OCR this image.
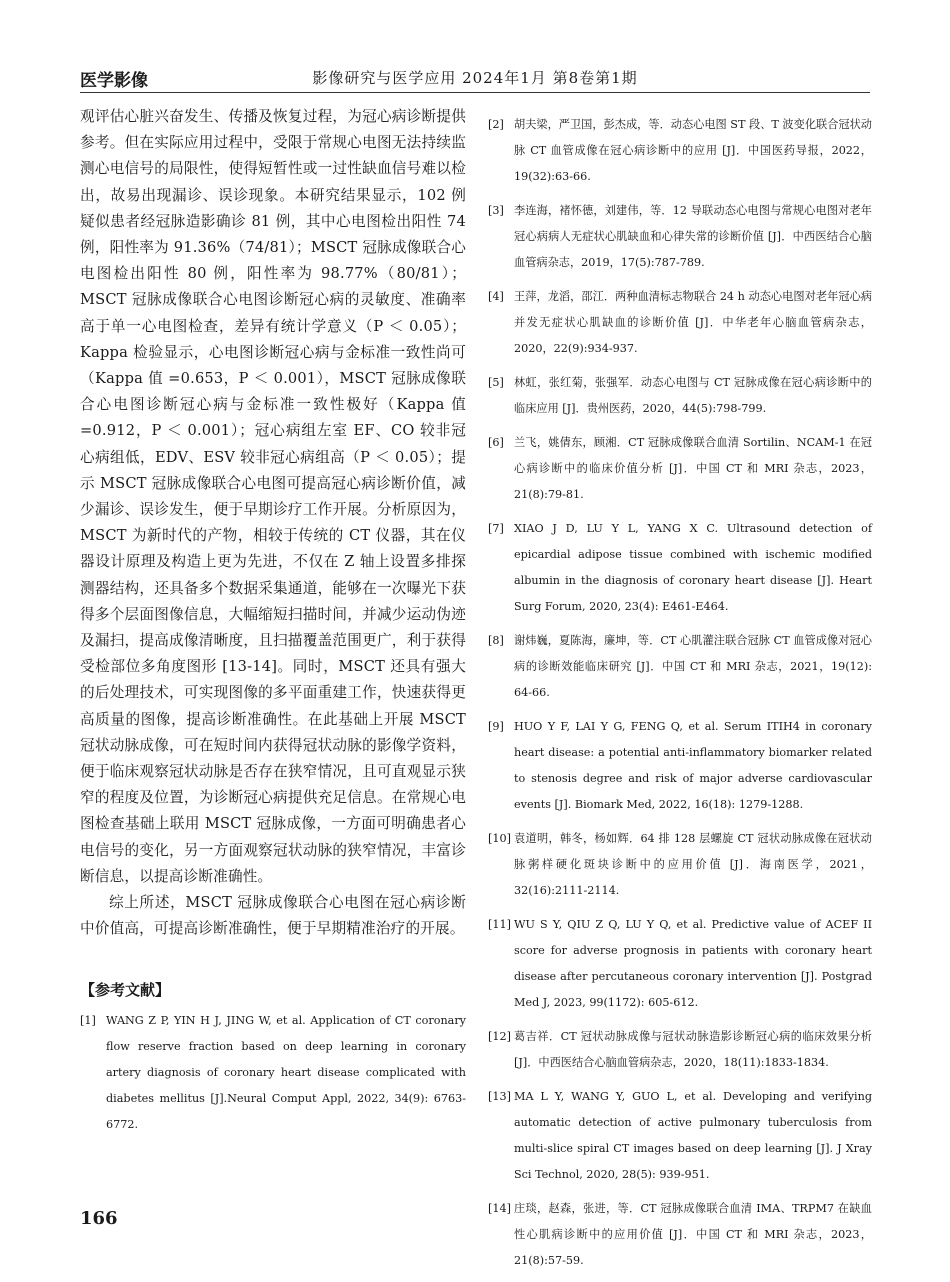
医学影像	影像研究与医学应用 2024年1月 第8卷第1期

观评估心脏兴奋发生、传播及恢复过程，为冠心病诊断提供参考。但在实际应用过程中，受限于常规心电图无法持续监测心电信号的局限性，使得短暂性或一过性缺血信号难以检出，故易出现漏诊、误诊现象。本研究结果显示，102 例疑似患者经冠脉造影确诊 81 例，其中心电图检出阳性 74 例，阳性率为 91.36%（74/81）；MSCT 冠脉成像联合心电图检出阳性 80 例，阳性率为 98.77%（80/81）；MSCT 冠脉成像联合心电图诊断冠心病的灵敏度、准确率高于单一心电图检查，差异有统计学意义（P ＜ 0.05）；Kappa 检验显示，心电图诊断冠心病与金标准一致性尚可（Kappa 值 =0.653，P ＜ 0.001），MSCT 冠脉成像联合心电图诊断冠心病与金标准一致性极好（Kappa 值 =0.912，P ＜ 0.001）；冠心病组左室 EF、CO 较非冠心病组低，EDV、ESV 较非冠心病组高（P ＜ 0.05）；提示 MSCT 冠脉成像联合心电图可提高冠心病诊断价值，减少漏诊、误诊发生，便于早期诊疗工作开展。分析原因为，MSCT 为新时代的产物，相较于传统的 CT 仪器，其在仪器设计原理及构造上更为先进，不仅在 Z 轴上设置多排探测器结构，还具备多个数据采集通道，能够在一次曝光下获得多个层面图像信息，大幅缩短扫描时间，并减少运动伪迹及漏扫，提高成像清晰度，且扫描覆盖范围更广，利于获得受检部位多角度图形 [13-14]。同时，MSCT 还具有强大的后处理技术，可实现图像的多平面重建工作，快速获得更高质量的图像，提高诊断准确性。在此基础上开展 MSCT 冠状动脉成像，可在短时间内获得冠状动脉的影像学资料，便于临床观察冠状动脉是否存在狭窄情况，且可直观显示狭窄的程度及位置，为诊断冠心病提供充足信息。在常规心电图检查基础上联用 MSCT 冠脉成像，一方面可明确患者心电信号的变化，另一方面观察冠状动脉的狭窄情况，丰富诊断信息，以提高诊断准确性。

综上所述，MSCT 冠脉成像联合心电图在冠心病诊断中价值高，可提高诊断准确性，便于早期精准治疗的开展。

【参考文献】
[1] WANG Z P, YIN H J, JING W, et al. Application of CT coronary flow reserve fraction based on deep learning in coronary artery diagnosis of coronary heart disease complicated with diabetes mellitus [J].Neural Comput Appl, 2022, 34(9): 6763-6772.
[2] 胡夫梁，严卫国，彭杰成，等．动态心电图 ST 段、T 波变化联合冠状动脉 CT 血管成像在冠心病诊断中的应用 [J]．中国医药导报，2022，19(32):63-66.
[3] 李连海，褚怀德，刘建伟，等．12 导联动态心电图与常规心电图对老年冠心病病人无症状心肌缺血和心律失常的诊断价值 [J]．中西医结合心脑血管病杂志，2019，17(5):787-789.
[4] 王萍，龙滔，邵江．两种血清标志物联合 24 h 动态心电图对老年冠心病并发无症状心肌缺血的诊断价值 [J]．中华老年心脑血管病杂志，2020，22(9):934-937.
[5] 林虹，张红菊，张强军．动态心电图与 CT 冠脉成像在冠心病诊断中的临床应用 [J]．贵州医药，2020，44(5):798-799.
[6] 兰飞，姚倩东，顾湘．CT 冠脉成像联合血清 Sortilin、NCAM-1 在冠心病诊断中的临床价值分析 [J]．中国 CT 和 MRI 杂志，2023，21(8):79-81.
[7] XIAO J D, LU Y L, YANG X C. Ultrasound detection of epicardial adipose tissue combined with ischemic modified albumin in the diagnosis of coronary heart disease [J]. Heart Surg Forum, 2020, 23(4): E461-E464.
[8] 谢炜巍，夏陈海，廉坤，等．CT 心肌灌注联合冠脉 CT 血管成像对冠心病的诊断效能临床研究 [J]．中国 CT 和 MRI 杂志，2021，19(12): 64-66.
[9] HUO Y F, LAI Y G, FENG Q, et al. Serum ITIH4 in coronary heart disease: a potential anti-inflammatory biomarker related to stenosis degree and risk of major adverse cardiovascular events [J]. Biomark Med, 2022, 16(18): 1279-1288.
[10] 袁道明，韩冬，杨如辉．64 排 128 层螺旋 CT 冠状动脉成像在冠状动脉粥样硬化斑块诊断中的应用价值 [J]．海南医学，2021，32(16):2111-2114.
[11] WU S Y, QIU Z Q, LU Y Q, et al. Predictive value of ACEF II score for adverse prognosis in patients with coronary heart disease after percutaneous coronary intervention [J]. Postgrad Med J, 2023, 99(1172): 605-612.
[12] 葛吉祥．CT 冠状动脉成像与冠状动脉造影诊断冠心病的临床效果分析 [J]．中西医结合心脑血管病杂志，2020，18(11):1833-1834.
[13] MA L Y, WANG Y, GUO L, et al. Developing and verifying automatic detection of active pulmonary tuberculosis from multi-slice spiral CT images based on deep learning [J]. J Xray Sci Technol, 2020, 28(5): 939-951.
[14] 庄琰，赵森，张进，等．CT 冠脉成像联合血清 IMA、TRPM7 在缺血性心肌病诊断中的应用价值 [J]．中国 CT 和 MRI 杂志，2023，21(8):57-59.
166
